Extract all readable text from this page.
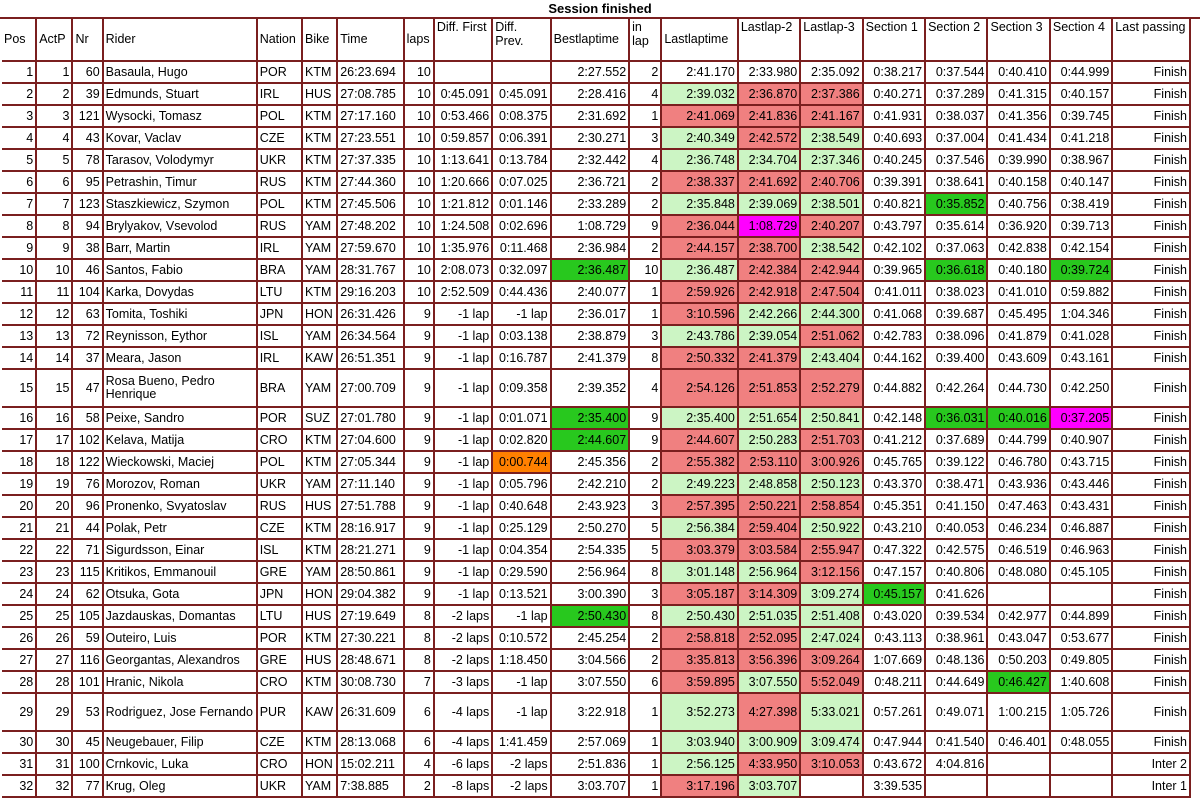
Session finished
Pos	ActP	Nr	Rider	Nation	Bike	Time	laps	Diff. First	Diff. Prev.	Bestlaptime	in lap	Lastlaptime	Lastlap-2	Lastlap-3	Section 1	Section 2	Section 3	Section 4	Last passing

1	1	60	Basaula, Hugo	POR	KTM	26:23.694	10			2:27.552	2	2:41.170	2:33.980	2:35.092	0:38.217	0:37.544	0:40.410	0:44.999	Finish
2	2	39	Edmunds, Stuart	IRL	HUS	27:08.785	10	0:45.091	0:45.091	2:28.416	4	2:39.032	2:36.870	2:37.386	0:40.271	0:37.289	0:41.315	0:40.157	Finish
3	3	121	Wysocki, Tomasz	POL	KTM	27:17.160	10	0:53.466	0:08.375	2:31.692	1	2:41.069	2:41.836	2:41.167	0:41.931	0:38.037	0:41.356	0:39.745	Finish
4	4	43	Kovar, Vaclav	CZE	KTM	27:23.551	10	0:59.857	0:06.391	2:30.271	3	2:40.349	2:42.572	2:38.549	0:40.693	0:37.004	0:41.434	0:41.218	Finish
5	5	78	Tarasov, Volodymyr	UKR	KTM	27:37.335	10	1:13.641	0:13.784	2:32.442	4	2:36.748	2:34.704	2:37.346	0:40.245	0:37.546	0:39.990	0:38.967	Finish
6	6	95	Petrashin, Timur	RUS	KTM	27:44.360	10	1:20.666	0:07.025	2:36.721	2	2:38.337	2:41.692	2:40.706	0:39.391	0:38.641	0:40.158	0:40.147	Finish
7	7	123	Staszkiewicz, Szymon	POL	KTM	27:45.506	10	1:21.812	0:01.146	2:33.289	2	2:35.848	2:39.069	2:38.501	0:40.821	0:35.852	0:40.756	0:38.419	Finish
8	8	94	Brylyakov, Vsevolod	RUS	YAM	27:48.202	10	1:24.508	0:02.696	1:08.729	9	2:36.044	1:08.729	2:40.207	0:43.797	0:35.614	0:36.920	0:39.713	Finish
9	9	38	Barr, Martin	IRL	YAM	27:59.670	10	1:35.976	0:11.468	2:36.984	2	2:44.157	2:38.700	2:38.542	0:42.102	0:37.063	0:42.838	0:42.154	Finish
10	10	46	Santos, Fabio	BRA	YAM	28:31.767	10	2:08.073	0:32.097	2:36.487	10	2:36.487	2:42.384	2:42.944	0:39.965	0:36.618	0:40.180	0:39.724	Finish
11	11	104	Karka, Dovydas	LTU	KTM	29:16.203	10	2:52.509	0:44.436	2:40.077	1	2:59.926	2:42.918	2:47.504	0:41.011	0:38.023	0:41.010	0:59.882	Finish
12	12	63	Tomita, Toshiki	JPN	HON	26:31.426	9	-1 lap	-1 lap	2:36.017	1	3:10.596	2:42.266	2:44.300	0:41.068	0:39.687	0:45.495	1:04.346	Finish
13	13	72	Reynisson, Eythor	ISL	YAM	26:34.564	9	-1 lap	0:03.138	2:38.879	3	2:43.786	2:39.054	2:51.062	0:42.783	0:38.096	0:41.879	0:41.028	Finish
14	14	37	Meara, Jason	IRL	KAW	26:51.351	9	-1 lap	0:16.787	2:41.379	8	2:50.332	2:41.379	2:43.404	0:44.162	0:39.400	0:43.609	0:43.161	Finish
15	15	47	Rosa Bueno, Pedro Henrique	BRA	YAM	27:00.709	9	-1 lap	0:09.358	2:39.352	4	2:54.126	2:51.853	2:52.279	0:44.882	0:42.264	0:44.730	0:42.250	Finish
16	16	58	Peixe, Sandro	POR	SUZ	27:01.780	9	-1 lap	0:01.071	2:35.400	9	2:35.400	2:51.654	2:50.841	0:42.148	0:36.031	0:40.016	0:37.205	Finish
17	17	102	Kelava, Matija	CRO	KTM	27:04.600	9	-1 lap	0:02.820	2:44.607	9	2:44.607	2:50.283	2:51.703	0:41.212	0:37.689	0:44.799	0:40.907	Finish
18	18	122	Wieckowski, Maciej	POL	KTM	27:05.344	9	-1 lap	0:00.744	2:45.356	2	2:55.382	2:53.110	3:00.926	0:45.765	0:39.122	0:46.780	0:43.715	Finish
19	19	76	Morozov, Roman	UKR	YAM	27:11.140	9	-1 lap	0:05.796	2:42.210	2	2:49.223	2:48.858	2:50.123	0:43.370	0:38.471	0:43.936	0:43.446	Finish
20	20	96	Pronenko, Svyatoslav	RUS	HUS	27:51.788	9	-1 lap	0:40.648	2:43.923	3	2:57.395	2:50.221	2:58.854	0:45.351	0:41.150	0:47.463	0:43.431	Finish
21	21	44	Polak, Petr	CZE	KTM	28:16.917	9	-1 lap	0:25.129	2:50.270	5	2:56.384	2:59.404	2:50.922	0:43.210	0:40.053	0:46.234	0:46.887	Finish
22	22	71	Sigurdsson, Einar	ISL	KTM	28:21.271	9	-1 lap	0:04.354	2:54.335	5	3:03.379	3:03.584	2:55.947	0:47.322	0:42.575	0:46.519	0:46.963	Finish
23	23	115	Kritikos, Emmanouil	GRE	YAM	28:50.861	9	-1 lap	0:29.590	2:56.964	8	3:01.148	2:56.964	3:12.156	0:47.157	0:40.806	0:48.080	0:45.105	Finish
24	24	62	Otsuka, Gota	JPN	HON	29:04.382	9	-1 lap	0:13.521	3:00.390	3	3:05.187	3:14.309	3:09.274	0:45.157	0:41.626			Finish
25	25	105	Jazdauskas, Domantas	LTU	HUS	27:19.649	8	-2 laps	-1 lap	2:50.430	8	2:50.430	2:51.035	2:51.408	0:43.020	0:39.534	0:42.977	0:44.899	Finish
26	26	59	Outeiro, Luis	POR	KTM	27:30.221	8	-2 laps	0:10.572	2:45.254	2	2:58.818	2:52.095	2:47.024	0:43.113	0:38.961	0:43.047	0:53.677	Finish
27	27	116	Georgantas, Alexandros	GRE	HUS	28:48.671	8	-2 laps	1:18.450	3:04.566	2	3:35.813	3:56.396	3:09.264	1:07.669	0:48.136	0:50.203	0:49.805	Finish
28	28	101	Hranic, Nikola	CRO	KTM	30:08.730	7	-3 laps	-1 lap	3:07.550	6	3:59.895	3:07.550	5:52.049	0:48.211	0:44.649	0:46.427	1:40.608	Finish
29	29	53	Rodriguez, Jose Fernando	PUR	KAW	26:31.609	6	-4 laps	-1 lap	3:22.918	1	3:52.273	4:27.398	5:33.021	0:57.261	0:49.071	1:00.215	1:05.726	Finish
30	30	45	Neugebauer, Filip	CZE	KTM	28:13.068	6	-4 laps	1:41.459	2:57.069	1	3:03.940	3:00.909	3:09.474	0:47.944	0:41.540	0:46.401	0:48.055	Finish
31	31	100	Crnkovic, Luka	CRO	HON	15:02.211	4	-6 laps	-2 laps	2:51.836	1	2:56.125	4:33.950	3:10.053	0:43.672	4:04.816			Inter 2
32	32	77	Krug, Oleg	UKR	YAM	7:38.885	2	-8 laps	-2 laps	3:03.707	1	3:17.196	3:03.707		3:39.535				Inter 1
